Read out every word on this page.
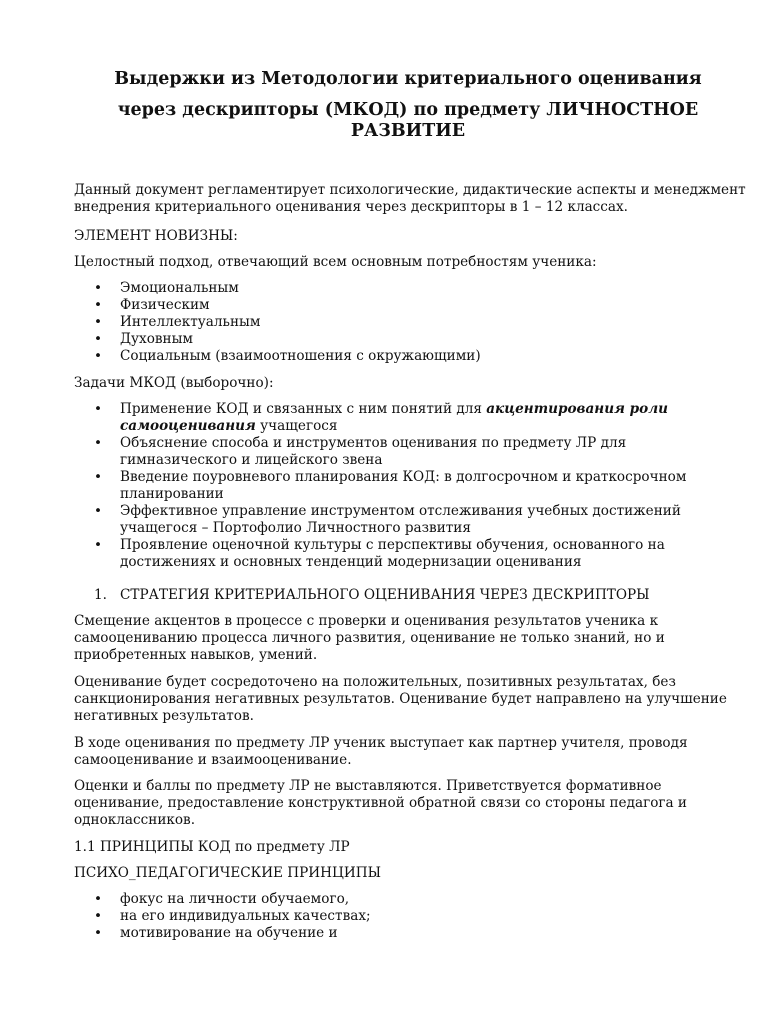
Выдержки из Методологии критериального оценивания
через дескрипторы (МКОД) по предмету ЛИЧНОСТНОЕ
РАЗВИТИЕ

Данный документ регламентирует психологические, дидактические аспекты и менеджмент внедрения критериального оценивания через дескрипторы в 1 – 12 классах.

ЭЛЕМЕНТ НОВИЗНЫ:

Целостный подход, отвечающий всем основным потребностям ученика:

• Эмоциональным
• Физическим
• Интеллектуальным
• Духовным
• Социальным (взаимоотношения с окружающими)

Задачи МКОД (выборочно):

• Применение КОД и связанных с ним понятий для акцентирования роли самооценивания учащегося
• Объяснение способа и инструментов оценивания по предмету ЛР для гимназического и лицейского звена
• Введение поуровневого планирования КОД: в долгосрочном и краткосрочном планировании
• Эффективное управление инструментом отслеживания учебных достижений учащегося – Портофолио Личностного развития
• Проявление оценочной культуры с перспективы обучения, основанного на достижениях и основных тенденций модернизации оценивания
1. СТРАТЕГИЯ КРИТЕРИАЛЬНОГО ОЦЕНИВАНИЯ ЧЕРЕЗ ДЕСКРИПТОРЫ

Смещение акцентов в процессе с проверки и оценивания результатов ученика к самооцениванию процесса личного развития, оценивание не только знаний, но и приобретенных навыков, умений.

Оценивание будет сосредоточено на положительных, позитивных результатах, без санкционирования негативных результатов. Оценивание будет направлено на улучшение негативных результатов.

В ходе оценивания по предмету ЛР ученик выступает как партнер учителя, проводя самооценивание и взаимооценивание.

Оценки и баллы по предмету ЛР не выставляются. Приветствуется формативное оценивание, предоставление конструктивной обратной связи со стороны педагога и одноклассников.

1.1 ПРИНЦИПЫ КОД по предмету ЛР

ПСИХО_ПЕДАГОГИЧЕСКИЕ ПРИНЦИПЫ

• фокус на личности обучаемого,
• на его индивидуальных качествах;
• мотивирование на обучение и
